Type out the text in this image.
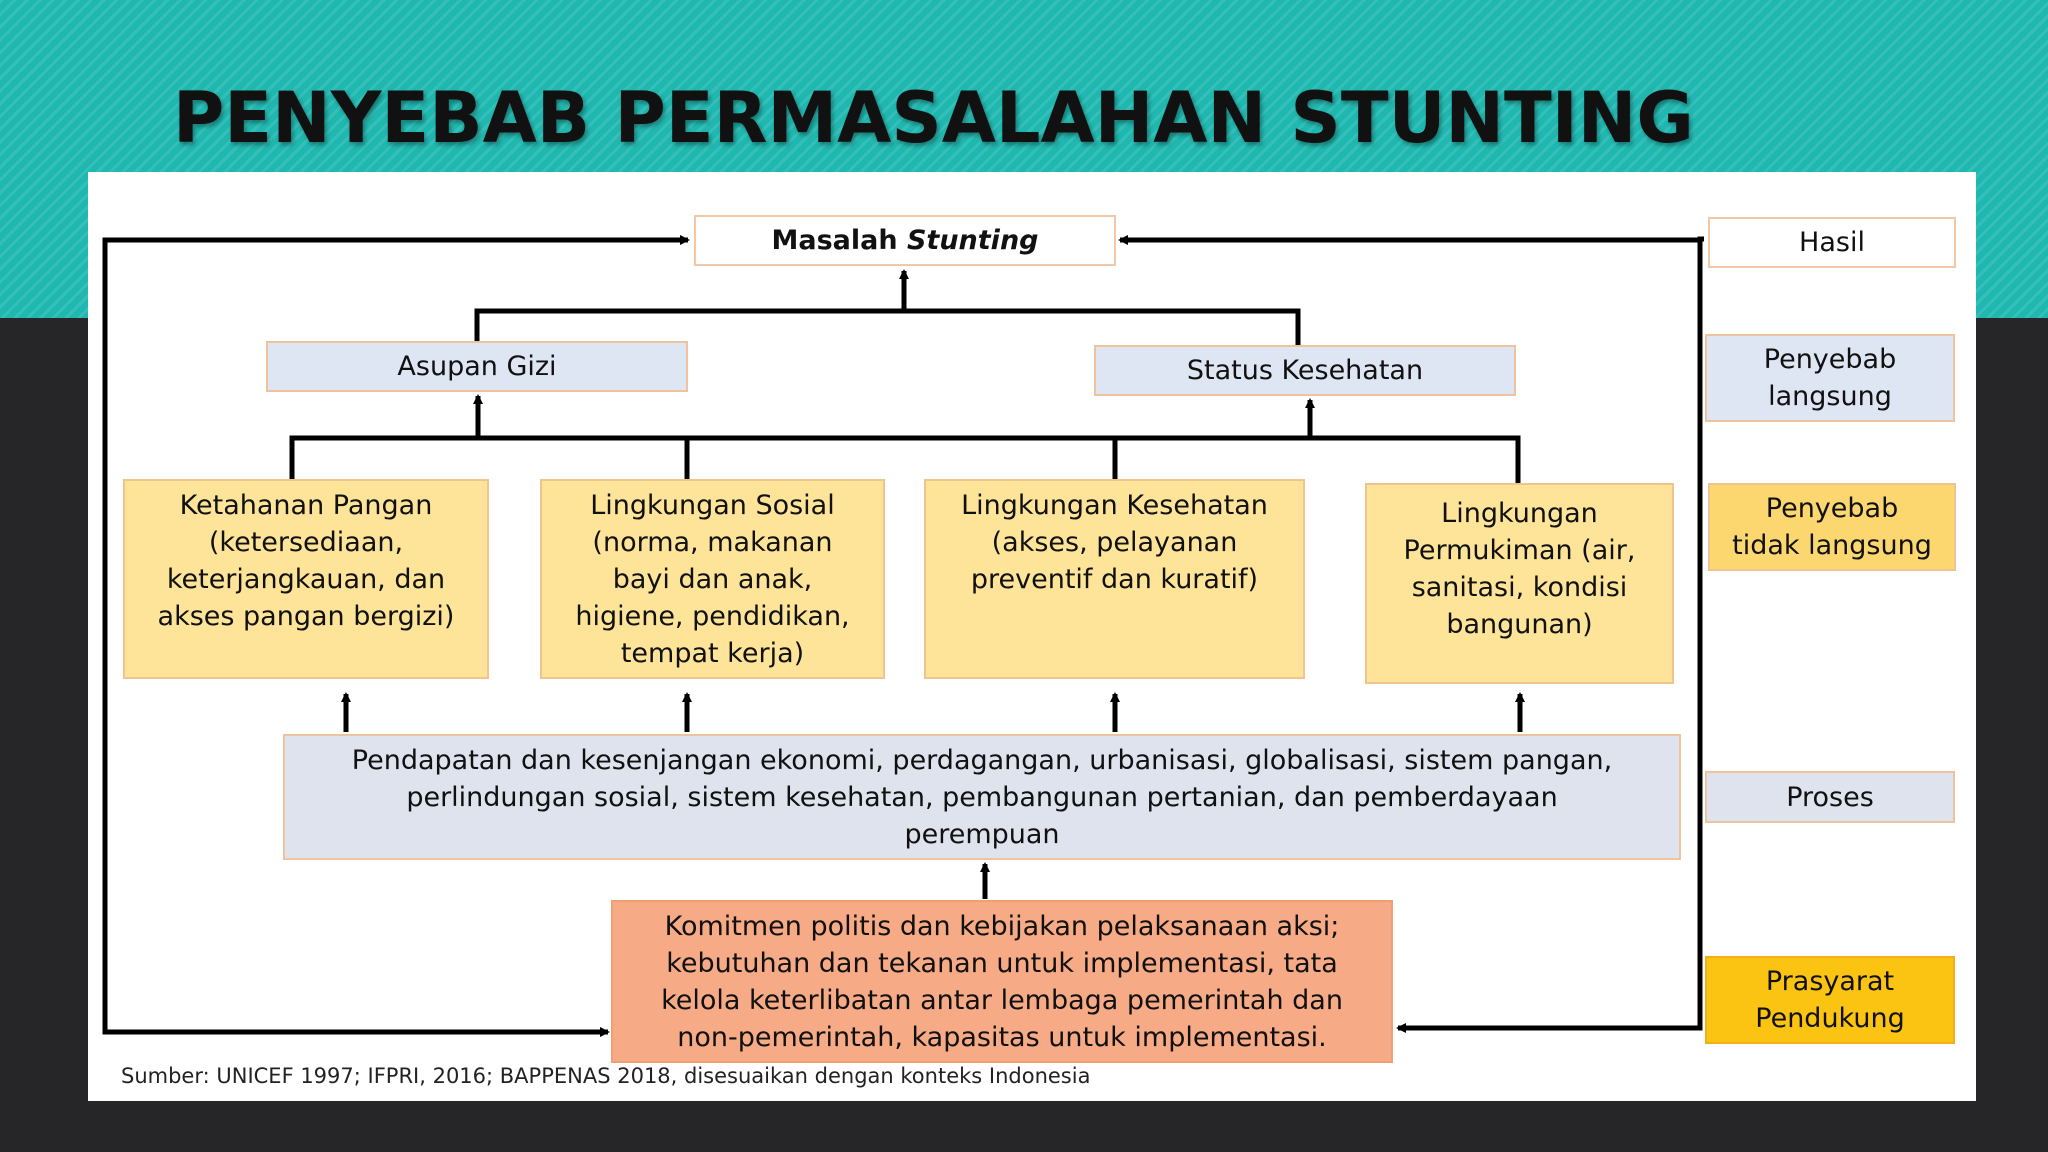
PENYEBAB PERMASALAHAN STUNTING
Masalah Stunting
Asupan Gizi	Status Kesehatan
Ketahanan Pangan
(ketersediaan,
keterjangkauan, dan
akses pangan bergizi)
Lingkungan Sosial
(norma, makanan
bayi dan anak,
higiene, pendidikan,
tempat kerja)
Lingkungan Kesehatan
(akses, pelayanan
preventif dan kuratif)
Lingkungan
Permukiman (air,
sanitasi, kondisi
bangunan)
Pendapatan dan kesenjangan ekonomi, perdagangan, urbanisasi, globalisasi, sistem pangan,
perlindungan sosial, sistem kesehatan, pembangunan pertanian, dan pemberdayaan
perempuan
Komitmen politis dan kebijakan pelaksanaan aksi;
kebutuhan dan tekanan untuk implementasi, tata
kelola keterlibatan antar lembaga pemerintah dan
non-pemerintah, kapasitas untuk implementasi.
Hasil
Penyebab
langsung
Penyebab
tidak langsung
Proses
Prasyarat
Pendukung

Sumber: UNICEF 1997; IFPRI, 2016; BAPPENAS 2018, disesuaikan dengan konteks Indonesia
